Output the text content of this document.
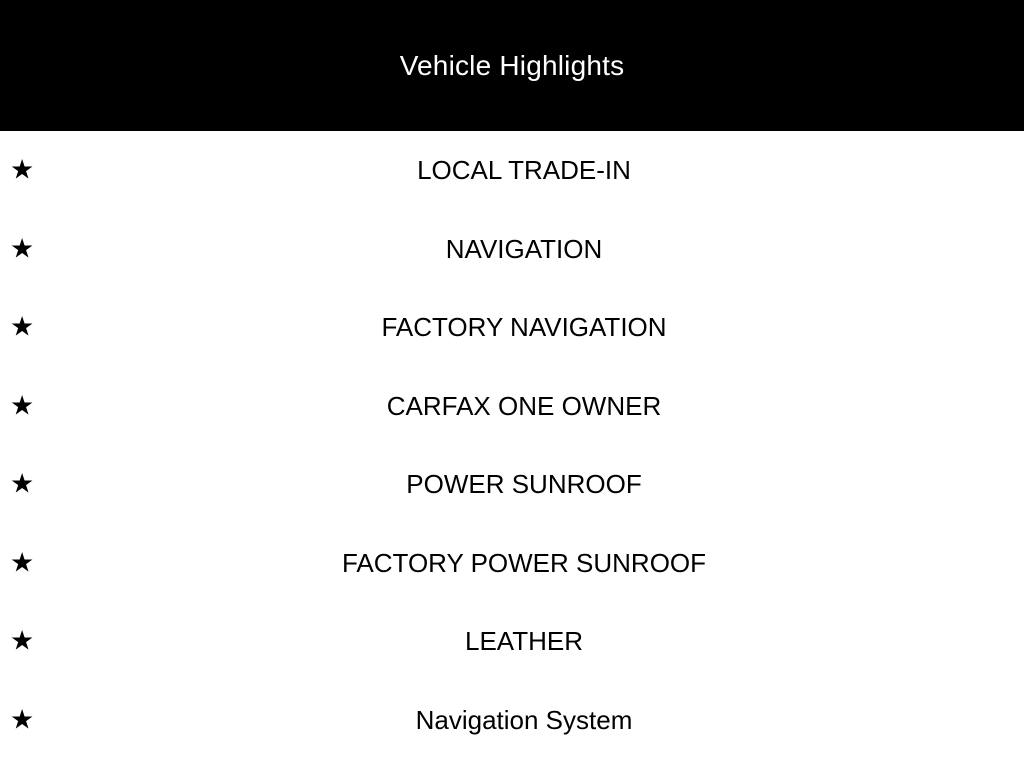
Vehicle Highlights
★	LOCAL TRADE-IN
★	NAVIGATION
★	FACTORY NAVIGATION
★	CARFAX ONE OWNER
★	POWER SUNROOF
★	FACTORY POWER SUNROOF
★	LEATHER
★	Navigation System
